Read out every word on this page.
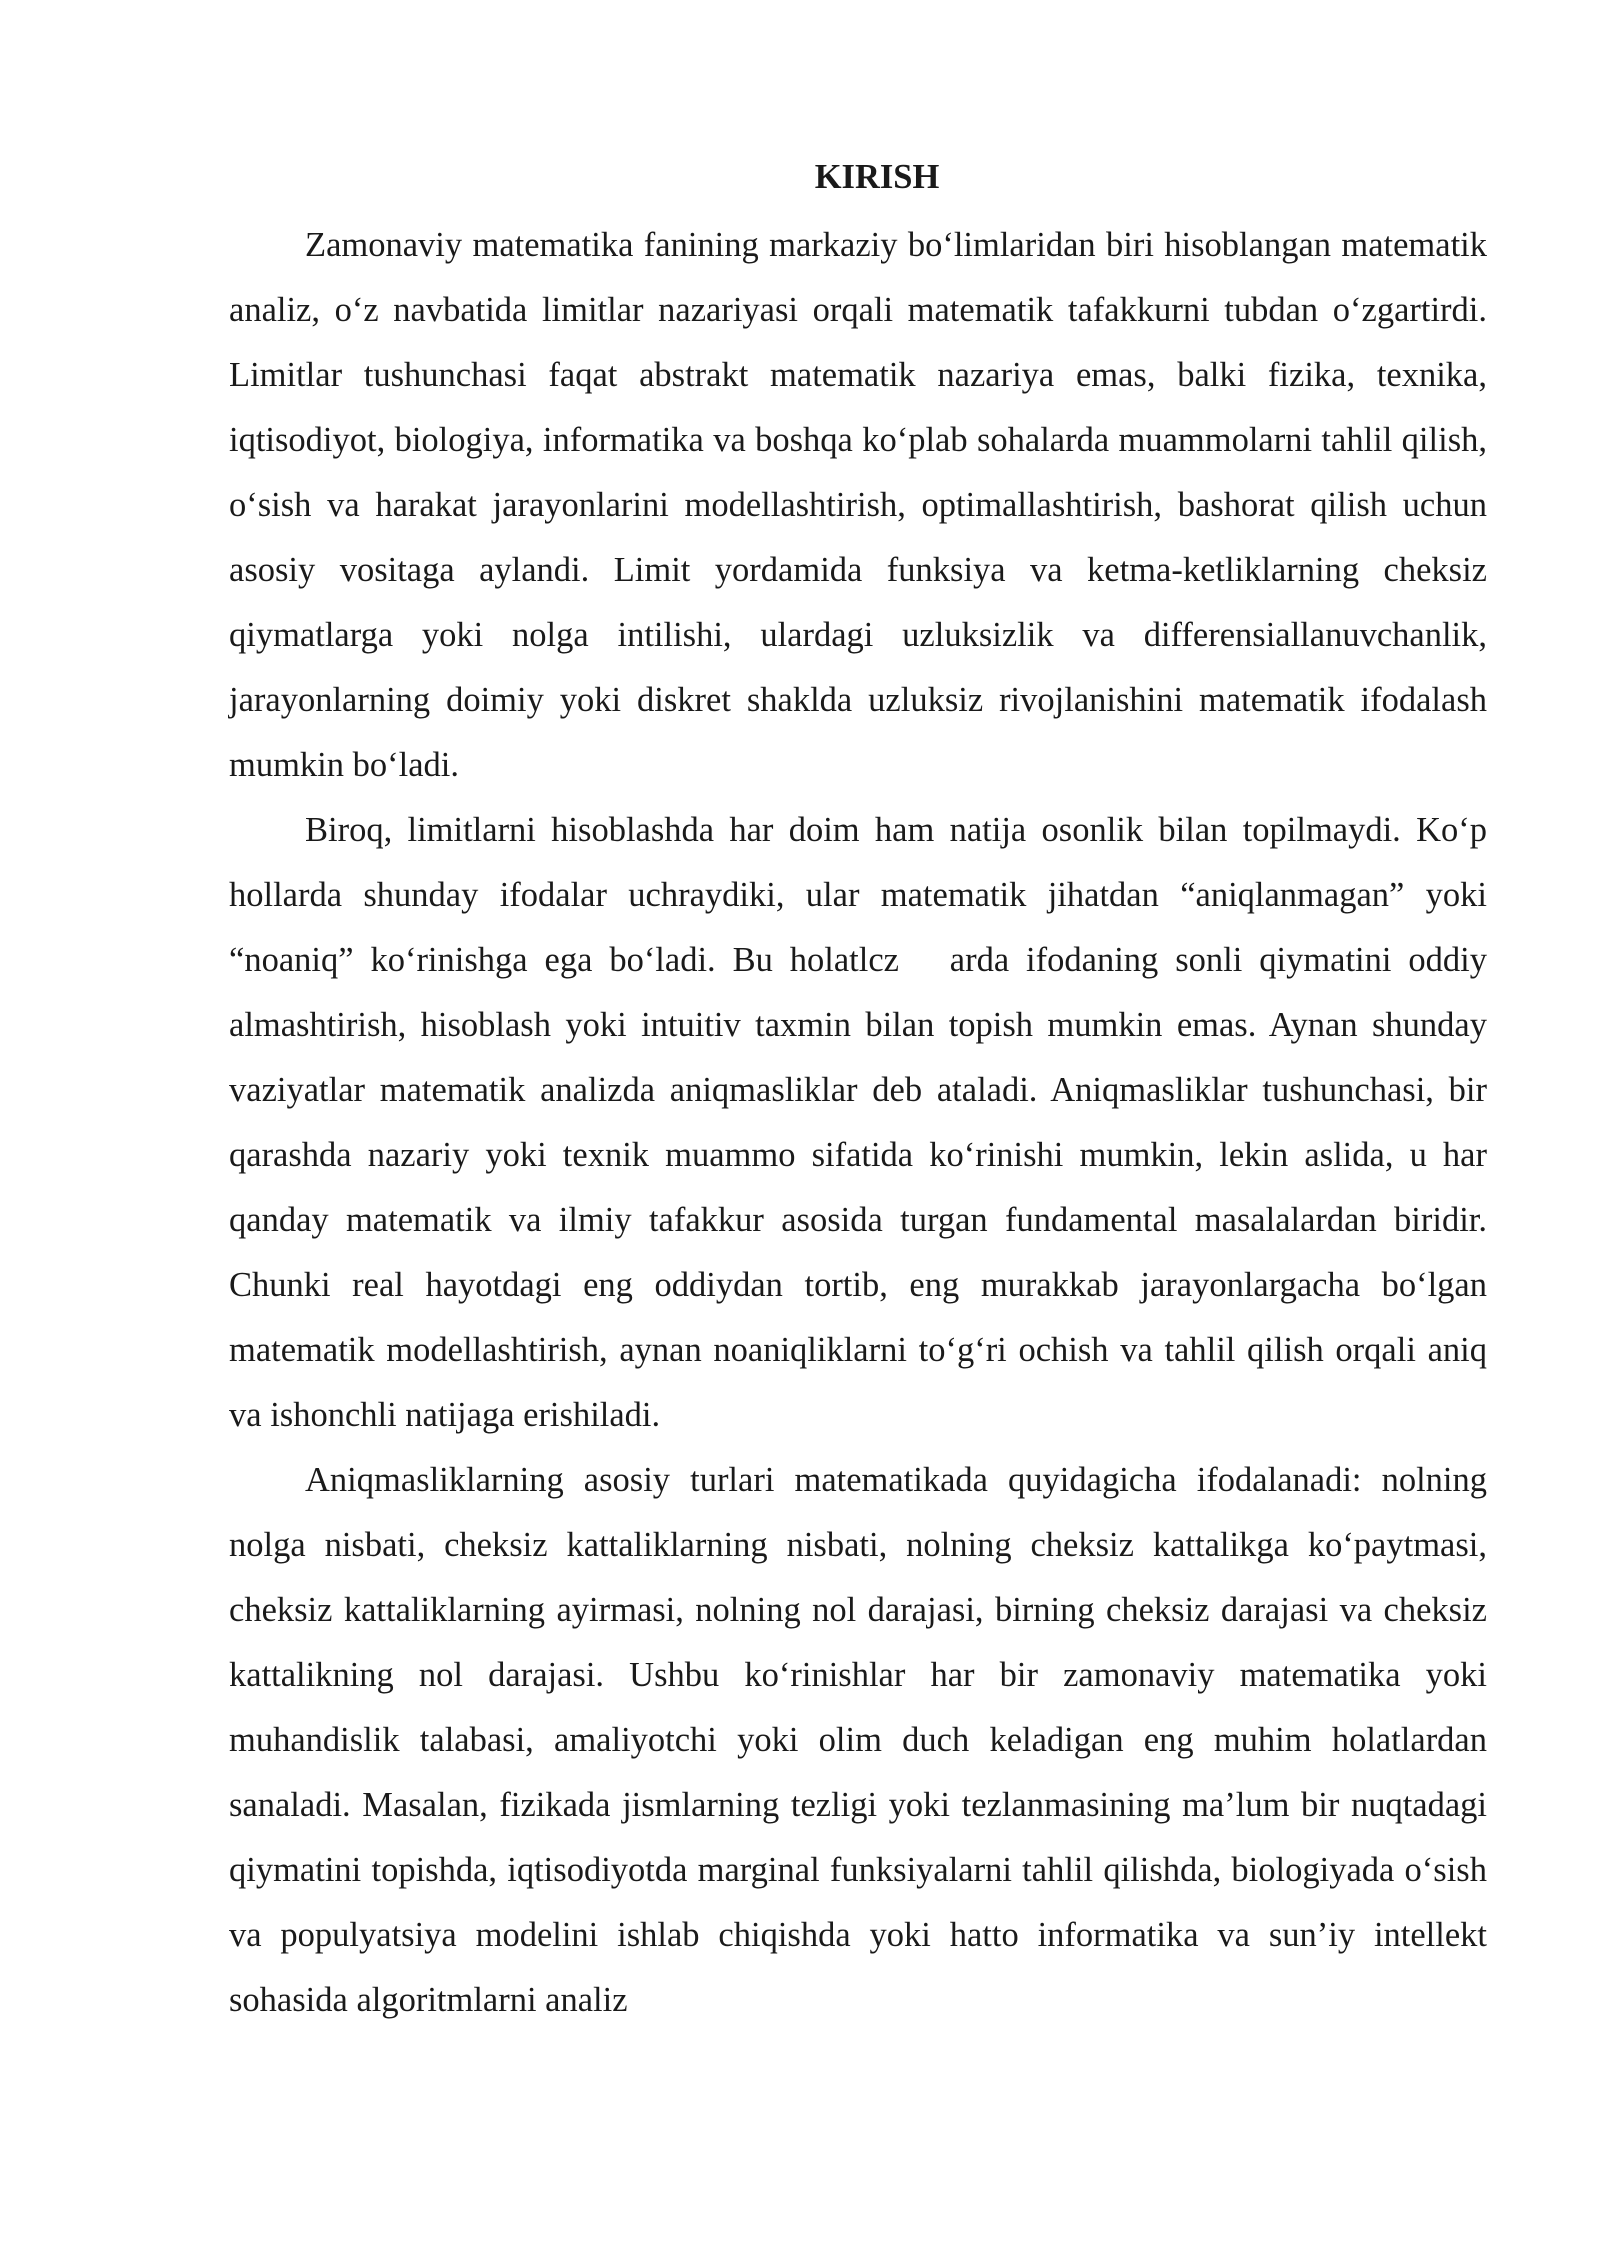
KIRISH

Zamonaviy matematika fanining markaziy bo‘limlaridan biri hisoblangan matematik analiz, o‘z navbatida limitlar nazariyasi orqali matematik tafakkurni tubdan o‘zgartirdi. Limitlar tushunchasi faqat abstrakt matematik nazariya emas, balki fizika, texnika, iqtisodiyot, biologiya, informatika va boshqa ko‘plab sohalarda muammolarni tahlil qilish, o‘sish va harakat jarayonlarini modellashtirish, optimallashtirish, bashorat qilish uchun asosiy vositaga aylandi. Limit yordamida funksiya va ketma-ketliklarning cheksiz qiymatlarga yoki nolga intilishi, ulardagi uzluksizlik va differensiallanuvchanlik, jarayonlarning doimiy yoki diskret shaklda uzluksiz rivojlanishini matematik ifodalash mumkin bo‘ladi.

Biroq, limitlarni hisoblashda har doim ham natija osonlik bilan topilmaydi. Ko‘p hollarda shunday ifodalar uchraydiki, ular matematik jihatdan “aniqlanmagan” yoki “noaniq” ko‘rinishga ega bo‘ladi. Bu holatlcz   arda ifodaning sonli qiymatini oddiy almashtirish, hisoblash yoki intuitiv taxmin bilan topish mumkin emas. Aynan shunday vaziyatlar matematik analizda aniqmasliklar deb ataladi. Aniqmasliklar tushunchasi, bir qarashda nazariy yoki texnik muammo sifatida ko‘rinishi mumkin, lekin aslida, u har qanday matematik va ilmiy tafakkur asosida turgan fundamental masalalardan biridir. Chunki real hayotdagi eng oddiydan tortib, eng murakkab jarayonlargacha bo‘lgan matematik modellashtirish, aynan noaniqliklarni to‘g‘ri ochish va tahlil qilish orqali aniq va ishonchli natijaga erishiladi.

Aniqmasliklarning asosiy turlari matematikada quyidagicha ifodalanadi: nolning nolga nisbati, cheksiz kattaliklarning nisbati, nolning cheksiz kattalikga ko‘paytmasi, cheksiz kattaliklarning ayirmasi, nolning nol darajasi, birning cheksiz darajasi va cheksiz kattalikning nol darajasi. Ushbu ko‘rinishlar har bir zamonaviy matematika yoki muhandislik talabasi, amaliyotchi yoki olim duch keladigan eng muhim holatlardan sanaladi. Masalan, fizikada jismlarning tezligi yoki tezlanmasining ma’lum bir nuqtadagi qiymatini topishda, iqtisodiyotda marginal funksiyalarni tahlil qilishda, biologiyada o‘sish va populyatsiya modelini ishlab chiqishda yoki hatto informatika va sun’iy intellekt sohasida algoritmlarni analiz
